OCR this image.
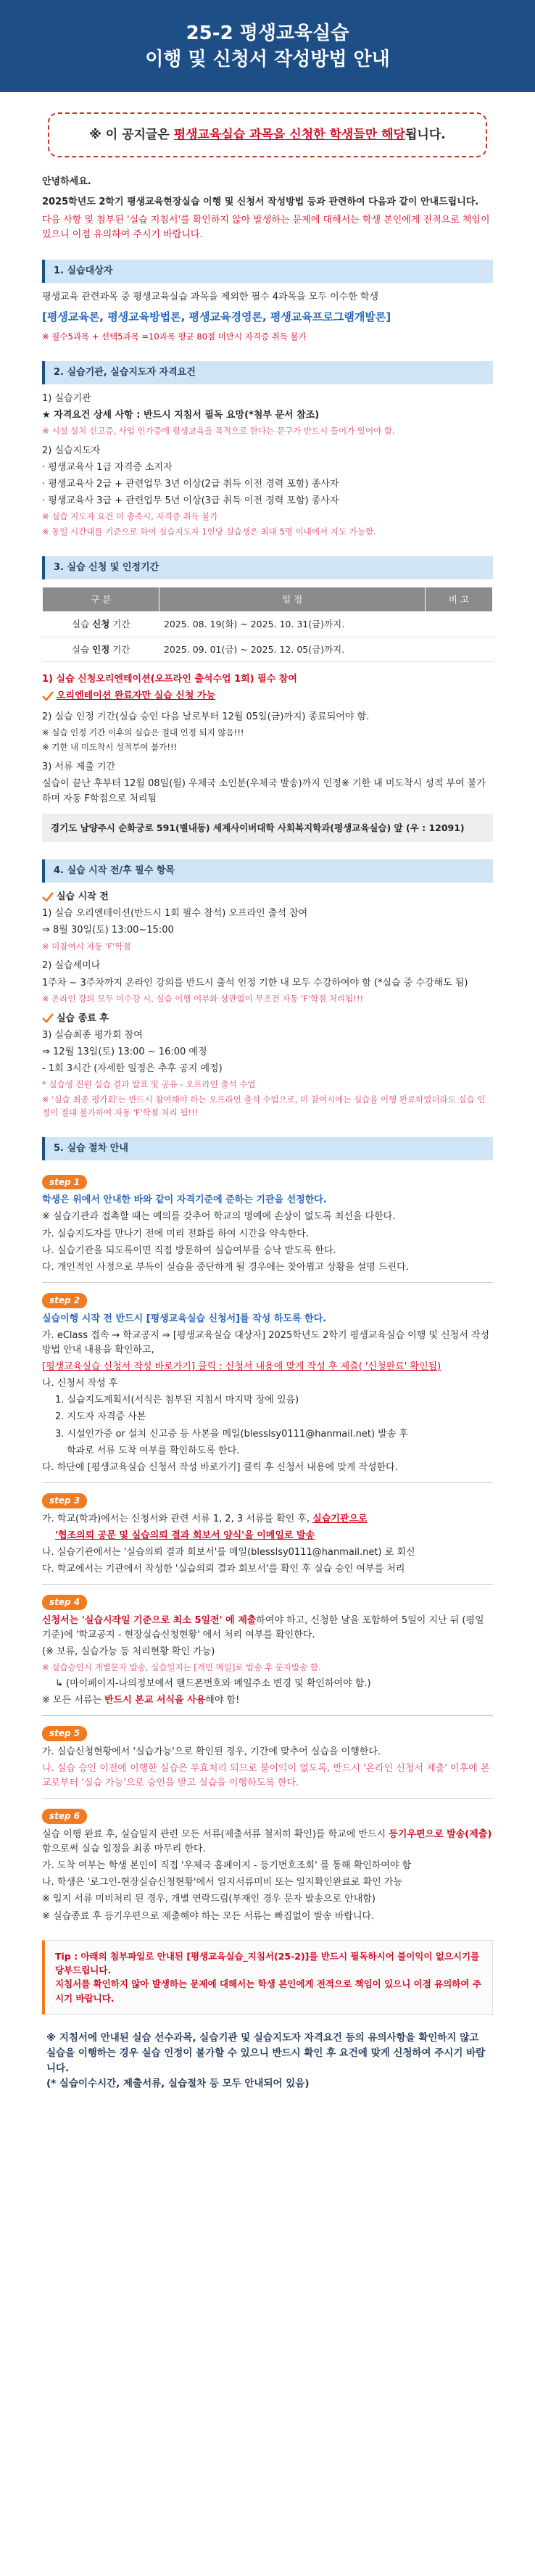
25-2 평생교육실습
이행 및 신청서 작성방법 안내
※ 이 공지글은 평생교육실습 과목을 신청한 학생들만 해당됩니다.

안녕하세요.

2025학년도 2학기 평생교육현장실습 이행 및 신청서 작성방법 등과 관련하여 다음과 같이 안내드립니다.

다음 사항 및 첨부된 '실습 지침서'를 확인하지 않아 발생하는 문제에 대해서는 학생 본인에게 전적으로 책임이 있으니 이점 유의하여 주시기 바랍니다.

1. 실습대상자

평생교육 관련과목 중 평생교육실습 과목을 제외한 필수 4과목을 모두 이수한 학생

[평생교육론, 평생교육방법론, 평생교육경영론, 평생교육프로그램개발론]

※ 필수5과목 + 선택5과목 =10과목 평균 80점 미만시 자격증 취득 불가

2. 실습기관, 실습지도자 자격요건

1) 실습기관

★ 자격요건 상세 사항 : 반드시 지침서 필독 요망(*첨부 문서 참조)

※ 시설 설치 신고증, 사업 인가증에 평생교육을 목적으로 한다는 문구가 반드시 들어가 있어야 함.

2) 실습지도자

· 평생교육사 1급 자격증 소지자

· 평생교육사 2급 + 관련업무 3년 이상(2급 취득 이전 경력 포함) 종사자

· 평생교육사 3급 + 관련업무 5년 이상(3급 취득 이전 경력 포함) 종사자

※ 실습 지도자 요건 미 충족시, 자격증 취득 불가

※ 동일 시간대를 기준으로 하여 실습지도자 1인당 실습생은 최대 5명 이내에서 지도 가능함.

3. 실습 신청 및 인정기간
구 분	일 정	비 고
실습 신청 기간	2025. 08. 19(화) ~ 2025. 10. 31(금)까지.	
실습 인정 기간	2025. 09. 01(금) ~ 2025. 12. 05(금)까지.	

1) 실습 신청오리엔테이션(오프라인 출석수업 1회) 필수 참여

오리엔테이션 완료자만 실습 신청 가능

2) 실습 인정 기간(실습 승인 다음 날로부터 12월 05일(금)까지) 종료되어야 함.

※ 실습 인정 기간 이후의 실습은 절대 인정 되지 않음!!!

※ 기한 내 미도착시 성적부여 불가!!!

3) 서류 제출 기간

실습이 끝난 후부터 12월 08일(월) 우체국 소인분(우체국 발송)까지 인정※ 기한 내 미도착시 성적 부여 불가하며 자동 F학점으로 처리됨

경기도 남양주시 순화궁로 591(별내동) 세계사이버대학 사회복지학과(평생교육실습) 앞 (우 : 12091)
4. 실습 시작 전/후 필수 항목

실습 시작 전

1) 실습 오리엔테이션(반드시 1회 필수 참석) 오프라인 출석 참여

⇒ 8월 30일(토) 13:00~15:00

※ 미참여시 자동 'F'학점

2) 실습세미나

1주차 ~ 3주차까지 온라인 강의를 반드시 출석 인정 기한 내 모두 수강하여야 함 (*실습 중 수강해도 됨)

※ 온라인 강의 모두 미수강 시, 실습 이행 여부와 상관없이 무조건 자동 'F'학점 처리됨!!!

실습 종료 후

3) 실습최종 평가회 참여

⇒ 12월 13일(토) 13:00 ~ 16:00 예정

- 1회 3시간 (자세한 일정은 추후 공지 예정)

* 실습생 전원 실습 결과 발표 및 공유 - 오프라인 출석 수업

※ '실습 최종 평가회'는 반드시 참여해야 하는 오프라인 출석 수업으로, 미 참여시에는 실습을 이행 완료하였더라도 실습 인정이 절대 불가하여 자동 'F'학점 처리 됨!!!

5. 실습 절차 안내
step 1

학생은 위에서 안내한 바와 같이 자격기준에 준하는 기관을 선정한다.

※ 실습기관과 접촉할 때는 예의를 갖추어 학교의 명예에 손상이 없도록 최선을 다한다.

가. 실습지도자를 만나기 전에 미리 전화를 하여 시간을 약속한다.

나. 실습기관을 되도록이면 직접 방문하여 실습여부를 승낙 받도록 한다.

다. 개인적인 사정으로 부득이 실습을 중단하게 될 경우에는 찾아뵙고 상황을 설명 드린다.

step 2

실습이행 시작 전 반드시 [평생교육실습 신청서]를 작성 하도록 한다.

가. eClass 접속 → 학교공지 ⇒ [평생교육실습 대상자] 2025학년도 2학기 평생교육실습 이행 및 신청서 작성방법 안내 내용을 확인하고,

[평생교육실습 신청서 작성 바로가기] 클릭 : 신청서 내용에 맞게 작성 후 제출( '신청완료' 확인됨)

나. 신청서 작성 후

1. 실습지도계획서(서식은 첨부된 지침서 마지막 장에 있음)

2. 지도자 자격증 사본

3. 시설인가증 or 설치 신고증 등 사본을 메일(blesslsy0111@hanmail.net) 발송 후

학과로 서류 도착 여부를 확인하도록 한다.

다. 하단에 [평생교육실습 신청서 작성 바로가기] 클릭 후 신청서 내용에 맞게 작성한다.

step 3

가. 학교(학과)에서는 신청서와 관련 서류 1, 2, 3 서류를 확인 후, 실습기관으로

'협조의뢰 공문 및 실습의뢰 결과 회보서 양식'을 이메일로 발송

나. 실습기관에서는 '실습의뢰 결과 회보서'를 메일(blesslsy0111@hanmail.net) 로 회신

다. 학교에서는 기관에서 작성한 '실습의뢰 결과 회보서'를 확인 후 실습 승인 여부를 처리

step 4

신청서는 '실습시작일 기준으로 최소 5일전' 에 제출하여야 하고, 신청한 날을 포함하여 5일이 지난 뒤 (평일 기준)에 '학교공지 - 현장실습신청현황' 에서 처리 여부를 확인한다.

(※ 보류, 실습가능 등 처리현황 확인 가능)

※ 실습승인시 개별문자 발송, 실습일지는 [개인 메일]로 발송 후 문자발송 함.

↳ (마이페이지-나의정보에서 핸드폰번호와 메일주소 변경 및 확인하여야 함.)

※ 모든 서류는 반드시 본교 서식을 사용해야 함!

step 5

가. 실습신청현황에서 '실습가능'으로 확인된 경우, 기간에 맞추어 실습을 이행한다.

나. 실습 승인 이전에 이행한 실습은 무효처리 되므로 불이익이 없도록, 반드시 '온라인 신청서 제출' 이후에 본교로부터 '실습 가능'으로 승인을 받고 실습을 이행하도록 한다.

step 6

실습 이행 완료 후, 실습일지 관련 모든 서류(제출서류 철저히 확인)를 학교에 반드시 등기우편으로 발송(제출)함으로써 실습 일정을 최종 마무리 한다.

가. 도착 여부는 학생 본인이 직접 '우체국 홈페이지 - 등기번호조회' 를 통해 확인하여야 함

나. 학생은 '로그인-현장실습신청현황'에서 일지서류미비 또는 일지확인완료로 확인 가능

※ 일지 서류 미비처리 된 경우, 개별 연락드림(부재인 경우 문자 발송으로 안내함)

※ 실습종료 후 등기우편으로 제출해야 하는 모든 서류는 빠짐없이 발송 바랍니다.

Tip : 아래의 첨부파일로 안내된 [평생교육실습_지침서(25-2)]를 반드시 필독하시어 불이익이 없으시기를 당부드립니다.

지침서를 확인하지 않아 발생하는 문제에 대해서는 학생 본인에게 전적으로 책임이 있으니 이점 유의하여 주시기 바랍니다.

※ 지침서에 안내된 실습 선수과목, 실습기관 및 실습지도자 자격요건 등의 유의사항을 확인하지 않고 실습을 이행하는 경우 실습 인정이 불가할 수 있으니 반드시 확인 후 요건에 맞게 신청하여 주시기 바랍니다.

(* 실습이수시간, 제출서류, 실습절차 등 모두 안내되어 있음)
